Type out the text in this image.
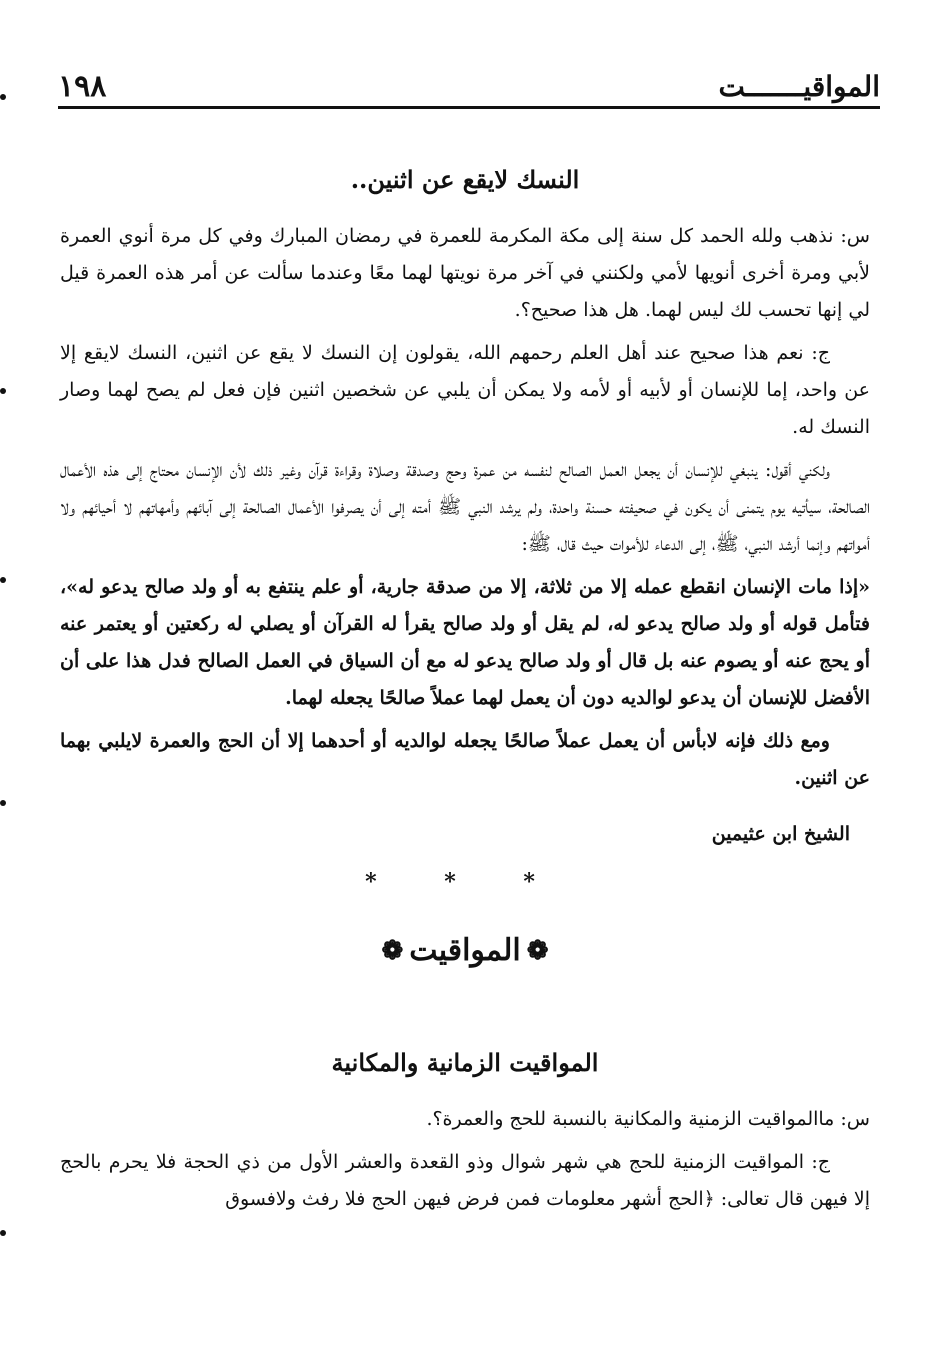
١٩٨	المواقيـــــــت
النسك لايقع عن اثنين..

س: نذهب ولله الحمد كل سنة إلى مكة المكرمة للعمرة في رمضان المبارك وفي كل مرة أنوي العمرة لأبي ومرة أخرى أنويها لأمي ولكنني في آخر مرة نويتها لهما معًا وعندما سألت عن أمر هذه العمرة قيل لي إنها تحسب لك ليس لهما. هل هذا صحيح؟.

ج: نعم هذا صحيح عند أهل العلم رحمهم الله، يقولون إن النسك لا يقع عن اثنين، النسك لايقع إلا عن واحد، إما للإنسان أو لأبيه أو لأمه ولا يمكن أن يلبي عن شخصين اثنين فإن فعل لم يصح لهما وصار النسك له.

ولكني أقول: ينبغي للإنسان أن يجعل العمل الصالح لنفسه من عمرة وحج وصدقة وصلاة وقراءة قرآن وغير ذلك لأن الإنسان محتاج إلى هذه الأعمال الصالحة، سيأتيه يوم يتمنى أن يكون في صحيفته حسنة واحدة، ولم يرشد النبي ﷺ أمته إلى أن يصرفوا الأعمال الصالحة إلى آبائهم وأمهاتهم لا أحيائهم ولا أمواتهم وإنما أرشد النبي، ﷺ، إلى الدعاء للأموات حيث قال، ﷺ:

«إذا مات الإنسان انقطع عمله إلا من ثلاثة، إلا من صدقة جارية، أو علم ينتفع به أو ولد صالح يدعو له»، فتأمل قوله أو ولد صالح يدعو له، لم يقل أو ولد صالح يقرأ له القرآن أو يصلي له ركعتين أو يعتمر عنه أو يحج عنه أو يصوم عنه بل قال أو ولد صالح يدعو له مع أن السياق في العمل الصالح فدل هذا على أن الأفضل للإنسان أن يدعو لوالديه دون أن يعمل لهما عملاً صالحًا يجعله لهما.

ومع ذلك فإنه لابأس أن يعمل عملاً صالحًا يجعله لوالديه أو أحدهما إلا أن الحج والعمرة لايلبي بهما عن اثنين.

الشيخ ابن عثيمين
* * *
❁
المواقيت
❁
المواقيت الزمانية والمكانية

س: ماالمواقيت الزمنية والمكانية بالنسبة للحج والعمرة؟.

ج: المواقيت الزمنية للحج هي شهر شوال وذو القعدة والعشر الأول من ذي الحجة فلا يحرم بالحج إلا فيهن قال تعالى: ﴿الحج أشهر معلومات فمن فرض فيهن الحج فلا رفث ولافسوق
